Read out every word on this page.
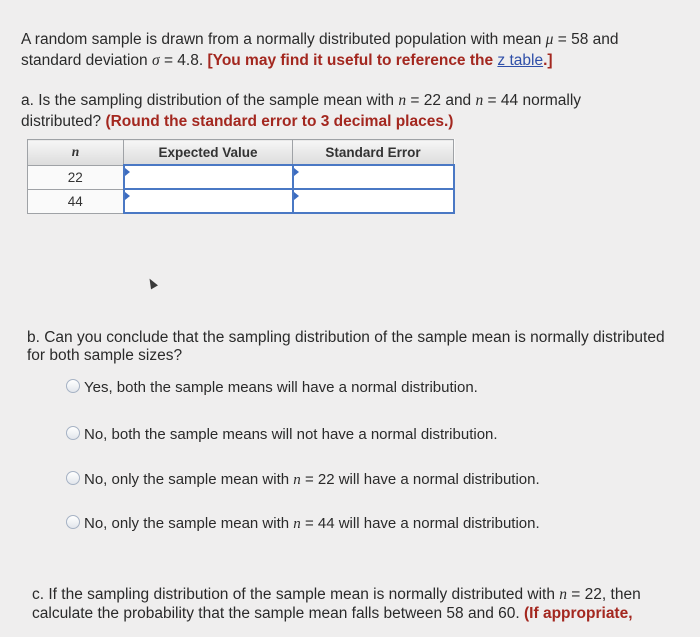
A random sample is drawn from a normally distributed population with mean μ = 58 and
standard deviation σ = 4.8. [You may find it useful to reference the z table.]
a. Is the sampling distribution of the sample mean with n = 22 and n = 44 normally
distributed? (Round the standard error to 3 decimal places.)
n	Expected Value	Standard Error
22	

44	

b. Can you conclude that the sampling distribution of the sample mean is normally distributed
for both sample sizes?
Yes, both the sample means will have a normal distribution.
No, both the sample means will not have a normal distribution.
No, only the sample mean with n = 22 will have a normal distribution.
No, only the sample mean with n = 44 will have a normal distribution.
c. If the sampling distribution of the sample mean is normally distributed with n = 22, then
calculate the probability that the sample mean falls between 58 and 60. (If appropriate,
